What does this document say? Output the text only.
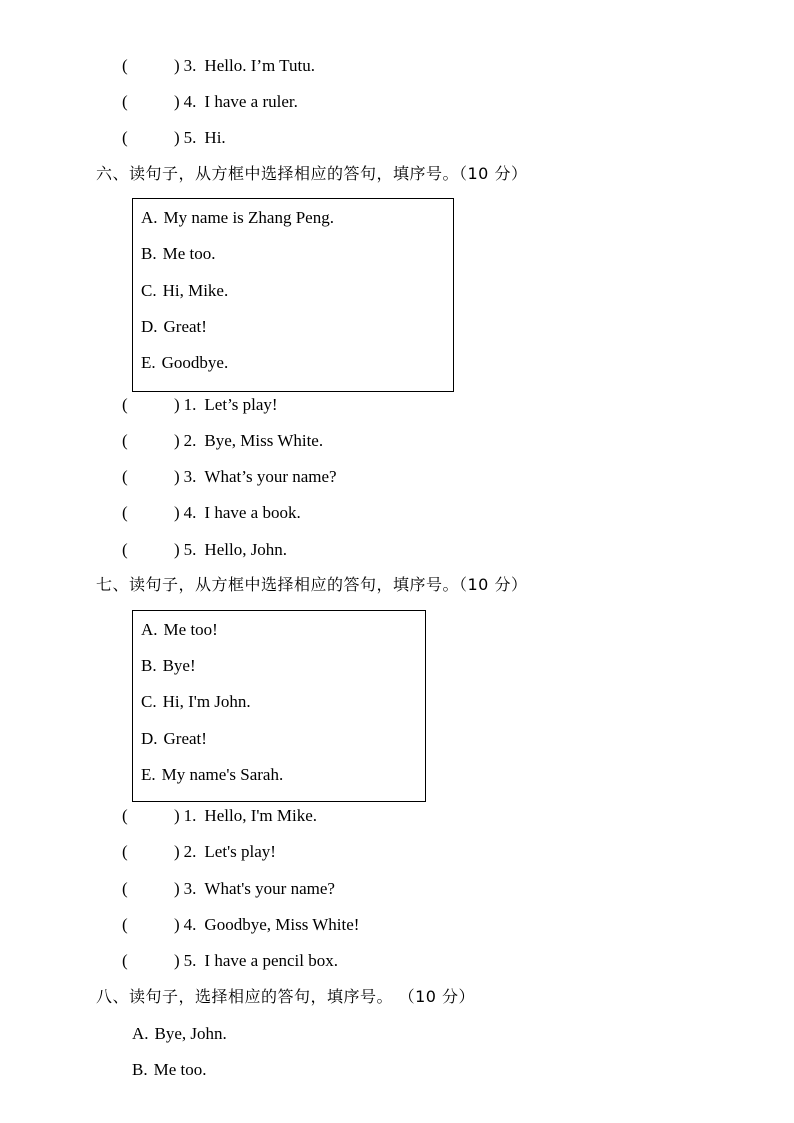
(	) 3. Hello. I’m Tutu.
(	) 4. I have a ruler.
(	) 5. Hi.
六、读句子，从方框中选择相应的答句，填序号。（10 分）
A. My name is Zhang Peng.
B. Me too.
C. Hi, Mike.
D. Great!
E. Goodbye.
(	) 1. Let’s play!
(	) 2. Bye, Miss White.
(	) 3. What’s your name?
(	) 4. I have a book.
(	) 5. Hello, John.
七、读句子，从方框中选择相应的答句，填序号。（10 分）
A. Me too!
B. Bye!
C. Hi, I'm John.
D. Great!
E. My name's Sarah.
(	) 1. Hello, I'm Mike.
(	) 2. Let's play!
(	) 3. What's your name?
(	) 4. Goodbye, Miss White!
(	) 5. I have a pencil box.
八、读句子，选择相应的答句，填序号。 （10 分）
A. Bye, John.
B. Me too.
